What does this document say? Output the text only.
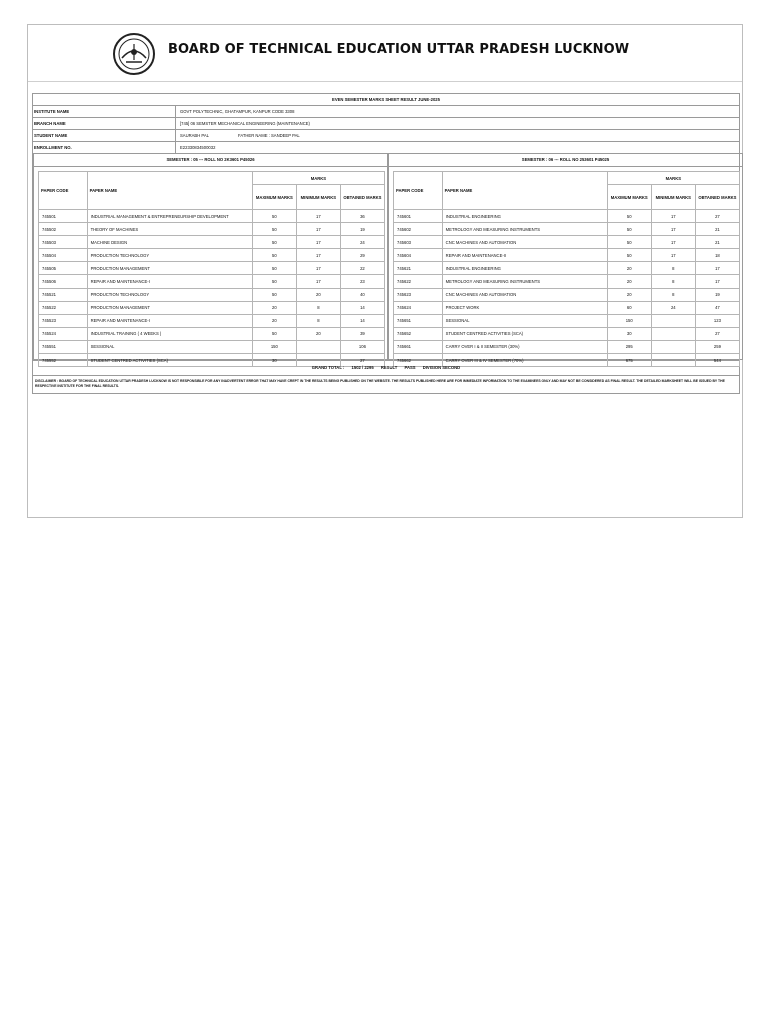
BOARD OF TECHNICAL EDUCATION UTTAR PRADESH LUCKNOW
EVEN SEMESTER MARKS SHEET RESULT JUNE-2025
INSTITUTE NAME	GOVT POLYTECHNIC, GHATAMPUR, KANPUR CODE 3308
BRANCH NAME	[745] 06 SEMSTER MECHANICAL ENGINEERING (MAINTENANCE)
STUDENT NAME	SAURABH PAL	FATHER NAME : SANDEEP PAL
ENROLLMENT NO.	E22330834500032
SEMESTER : 05 --- ROLL NO 2K3601 P45026
PAPER CODE	PAPER NAME	MARKS		
		MAXIMUM MARKS	MINIMUM MARKS	OBTAINED MARKS
745501	INDUSTRIAL MANAGEMENT & ENTREPRENEURSHIP DEVELOPMENT	50	17	36
745502	THEORY OF MACHINES	50	17	19
745503	MACHINE DESIGN	50	17	24
745504	PRODUCTION TECHNOLOGY	50	17	29
745505	PRODUCTION MANAGEMENT	50	17	22
745506	REPAIR AND MAINTENANCE-I	50	17	23
745521	PRODUCTION TECHNOLOGY	50	20	40
745522	PRODUCTION MANAGEMENT	20	8	14
745523	REPAIR AND MAINTENANCE-I	20	8	14
745524	INDUSTRIAL TRAINING ( 4 WEEKS )	50	20	39
745551	SESSIONAL	150		106
745552	STUDENT CENTRED ACTIVITIES (SCA)	30		27
SEMESTER : 06 --- ROLL NO 253601 P45025
PAPER CODE	PAPER NAME	MARKS		
		MAXIMUM MARKS	MINIMUM MARKS	OBTAINED MARKS
745601	INDUSTRIAL ENGINEERING	50	17	27
745602	METROLOGY AND MEASURING INSTRUMENTS	50	17	21
745603	CNC MACHINES AND AUTOMATION	50	17	21
745604	REPAIR AND MAINTENANCE-II	50	17	18
745621	INDUSTRIAL ENGINEERING	20	8	17
745622	METROLOGY AND MEASURING INSTRUMENTS	20	8	17
745623	CNC MACHINES AND AUTOMATION	20	8	19
745624	PROJECT WORK	60	24	47
745651	SESSIONAL	150		123
745652	STUDENT CENTRED ACTIVITIES (SCA)	30		27
745661	CARRY OVER I & II SEMESTER (30%)	295		259
745662	CARRY OVER III & IV SEMESTER (70%)	675		544
GRAND TOTAL : 1502 / 2295 RESULT PASS DIVISION SECOND
DISCLAIMER : BOARD OF TECHNICAL EDUCATION UTTAR PRADESH LUCKNOW IS NOT RESPONSIBLE FOR ANY INADVERTENT ERROR THAT MAY HAVE CREPT IN THE RESULTS BEING PUBLISHED ON THE WEBSITE. THE RESULTS PUBLISHED HERE ARE FOR IMMEDIATE INFORMATION TO THE EXAMINEES ONLY AND MAY NOT BE CONSIDERED AS FINAL RESULT. THE DETAILED MARKSHEET WILL BE ISSUED BY THE RESPECTIVE INSTITUTE FOR THE FINAL RESULTS.
